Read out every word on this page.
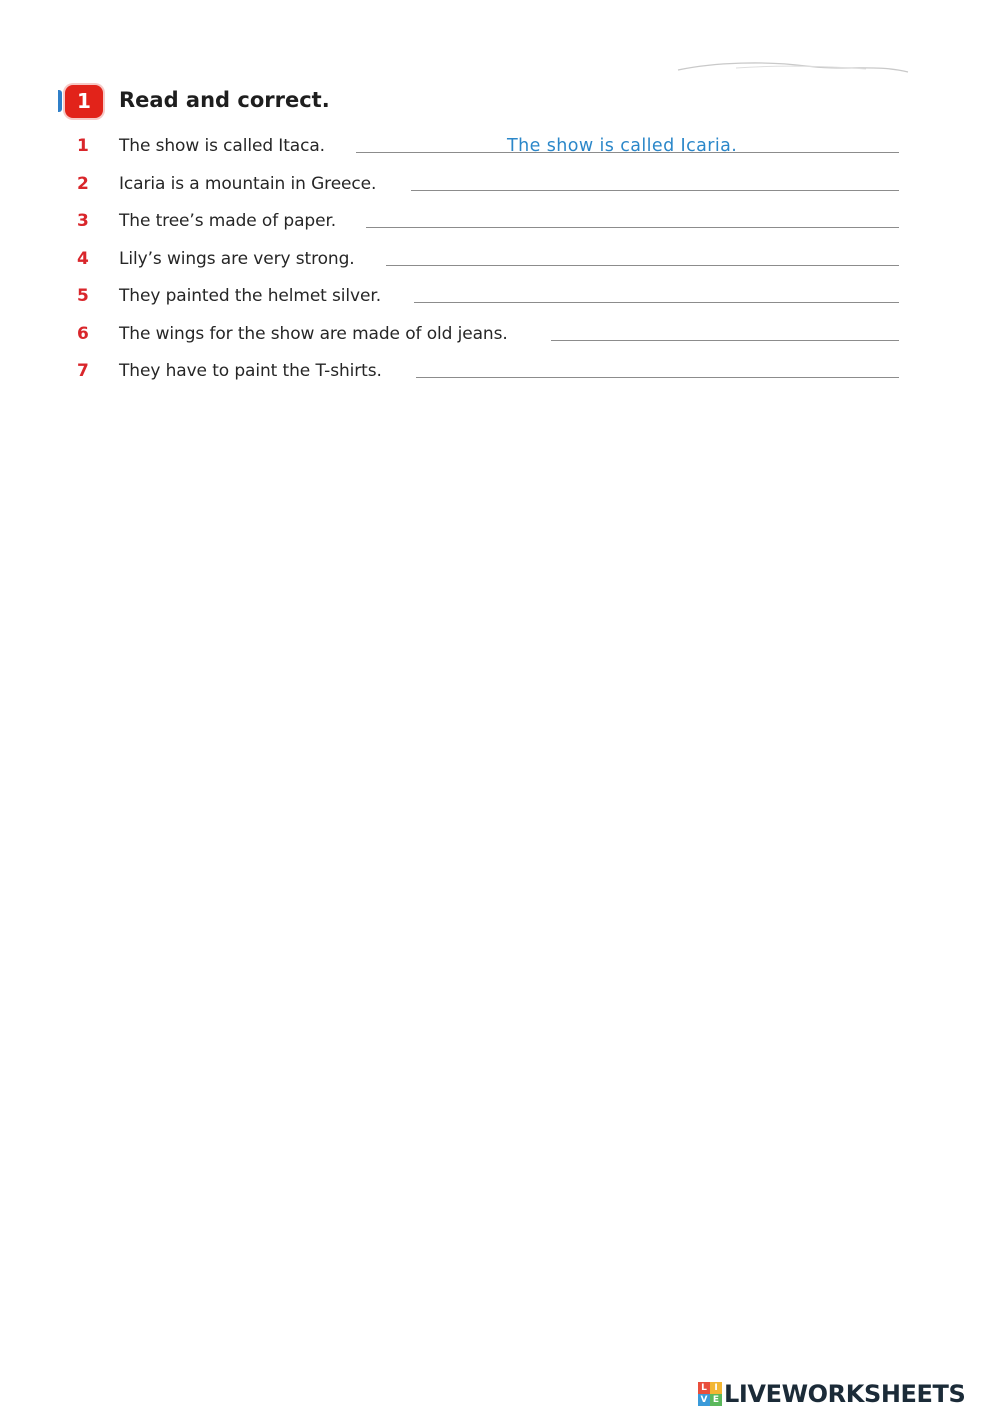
1	Read and correct.
1	The show is called Itaca.	The show is called Icaria.
2	Icaria is a mountain in Greece.
3	The tree’s made of paper.
4	Lily’s wings are very strong.
5	They painted the helmet silver.
6	The wings for the show are made of old jeans.
7	They have to paint the T-shirts.
L I
V E LIVEWORKSHEETS
